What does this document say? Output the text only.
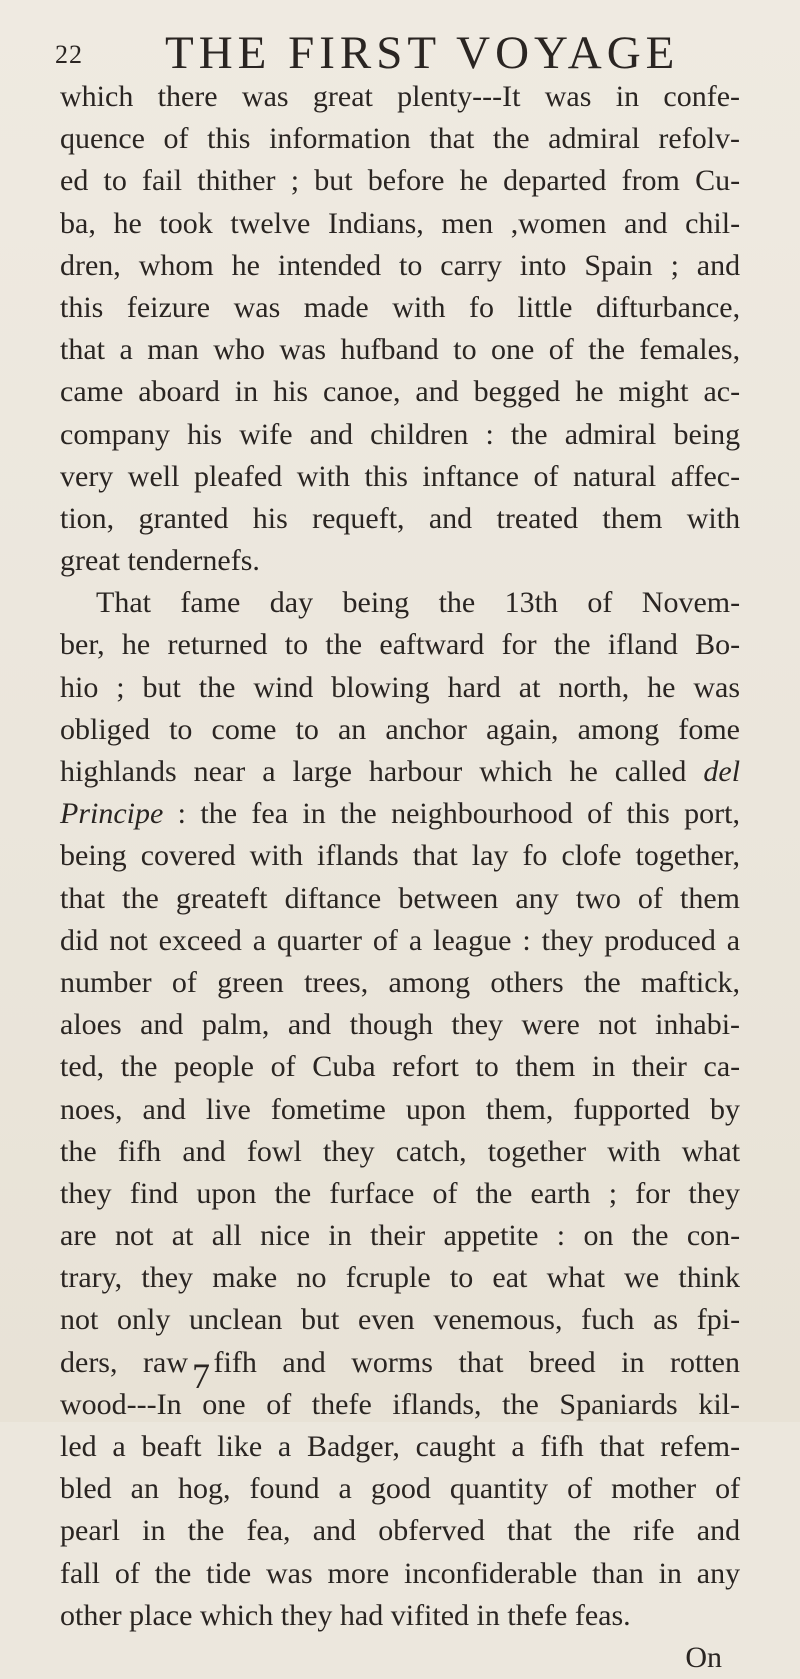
22 THE FIRST VOYAGE
which there was great plenty---It was in confe-
quence of this information that the admiral refolv-
ed to fail thither ; but before he departed from Cu-
ba, he took twelve Indians, men ,women and chil-
dren, whom he intended to carry into Spain ; and
this feizure was made with fo little difturbance,
that a man who was hufband to one of the females,
came aboard in his canoe, and begged he might ac-
company his wife and children : the admiral being
very well pleafed with this inftance of natural affec-
tion, granted his requeft, and treated them with
great tendernefs.
That fame day being the 13th of Novem-
ber, he returned to the eaftward for the ifland Bo-
hio ; but the wind blowing hard at north, he was
obliged to come to an anchor again, among fome
highlands near a large harbour which he called del
Principe : the fea in the neighbourhood of this port,
being covered with iflands that lay fo clofe together,
that the greateft diftance between any two of them
did not exceed a quarter of a league : they produced a
number of green trees, among others the maftick,
aloes and palm, and though they were not inhabi-
ted, the people of Cuba refort to them in their ca-
noes, and live fometime upon them, fupported by
the fifh and fowl they catch, together with what
they find upon the furface of the earth ; for they
are not at all nice in their appetite : on the con-
trary, they make no fcruple to eat what we think
not only unclean but even venemous, fuch as fpi-
ders, raw fifh and worms that breed in rotten
wood---In one of thefe iflands, the Spaniards kil-
led a beaft like a Badger, caught a fifh that refem-
bled an hog, found a good quantity of mother of
pearl in the fea, and obferved that the rife and
fall of the tide was more inconfiderable than in any
other place which they had vifited in thefe feas.
On
7
